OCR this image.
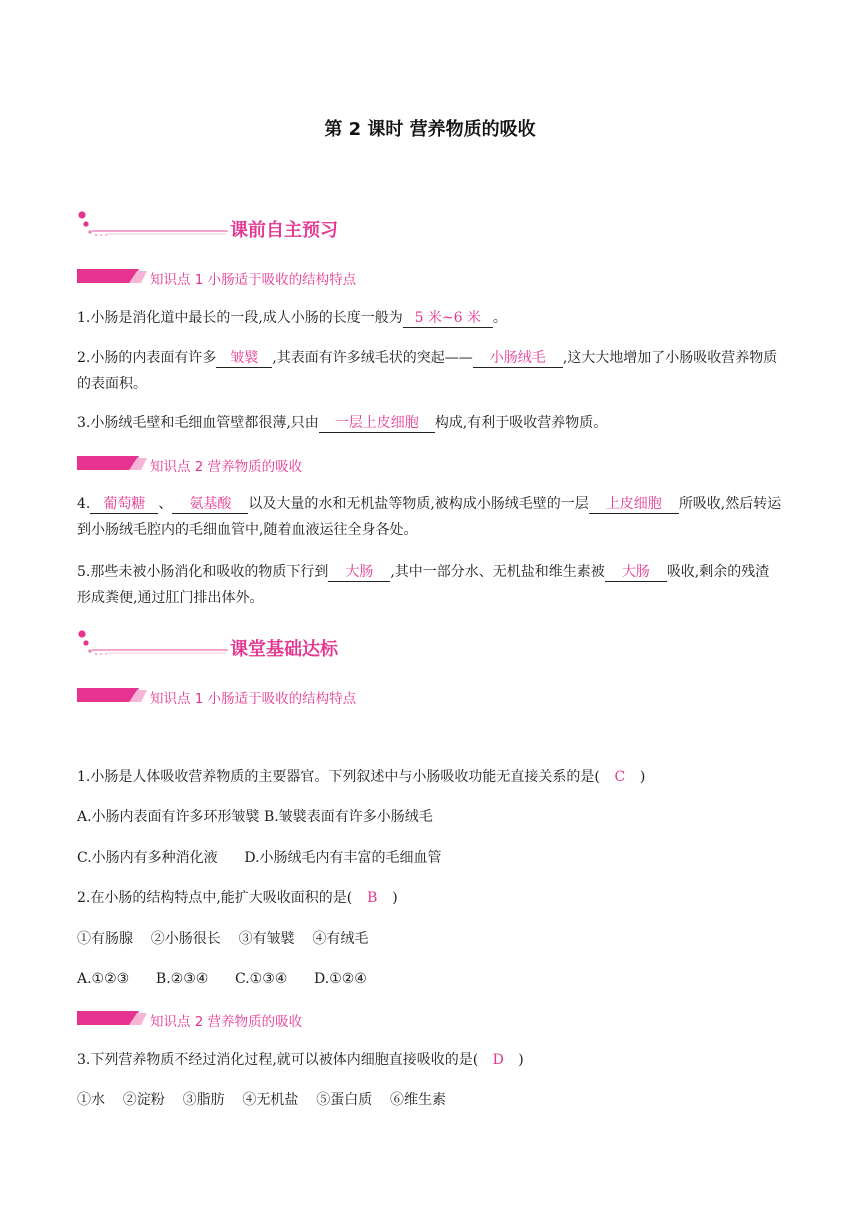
第 2 课时 营养物质的吸收
课前自主预习
知识点 1 小肠适于吸收的结构特点
1.小肠是消化道中最长的一段,成人小肠的长度一般为 5 米~6 米 。
2.小肠的内表面有许多 皱襞 ,其表面有许多绒毛状的突起—— 小肠绒毛 ,这大大地增加了小肠吸收营养物质的表面积。
3.小肠绒毛壁和毛细血管壁都很薄,只由 一层上皮细胞 构成,有利于吸收营养物质。
知识点 2 营养物质的吸收
4. 葡萄糖 、 氨基酸 以及大量的水和无机盐等物质,被构成小肠绒毛壁的一层 上皮细胞 所吸收,然后转运到小肠绒毛腔内的毛细血管中,随着血液运往全身各处。
5.那些未被小肠消化和吸收的物质下行到 大肠 ,其中一部分水、无机盐和维生素被 大肠 吸收,剩余的残渣形成粪便,通过肛门排出体外。
课堂基础达标
知识点 1 小肠适于吸收的结构特点
1.小肠是人体吸收营养物质的主要器官。下列叙述中与小肠吸收功能无直接关系的是( C )
A.小肠内表面有许多环形皱襞 B.皱襞表面有许多小肠绒毛
C.小肠内有多种消化液      D.小肠绒毛内有丰富的毛细血管
2.在小肠的结构特点中,能扩大吸收面积的是( B )
①有肠腺    ②小肠很长    ③有皱襞    ④有绒毛
A.①②③      B.②③④      C.①③④      D.①②④
知识点 2 营养物质的吸收
3.下列营养物质不经过消化过程,就可以被体内细胞直接吸收的是( D )
①水    ②淀粉    ③脂肪    ④无机盐    ⑤蛋白质    ⑥维生素
